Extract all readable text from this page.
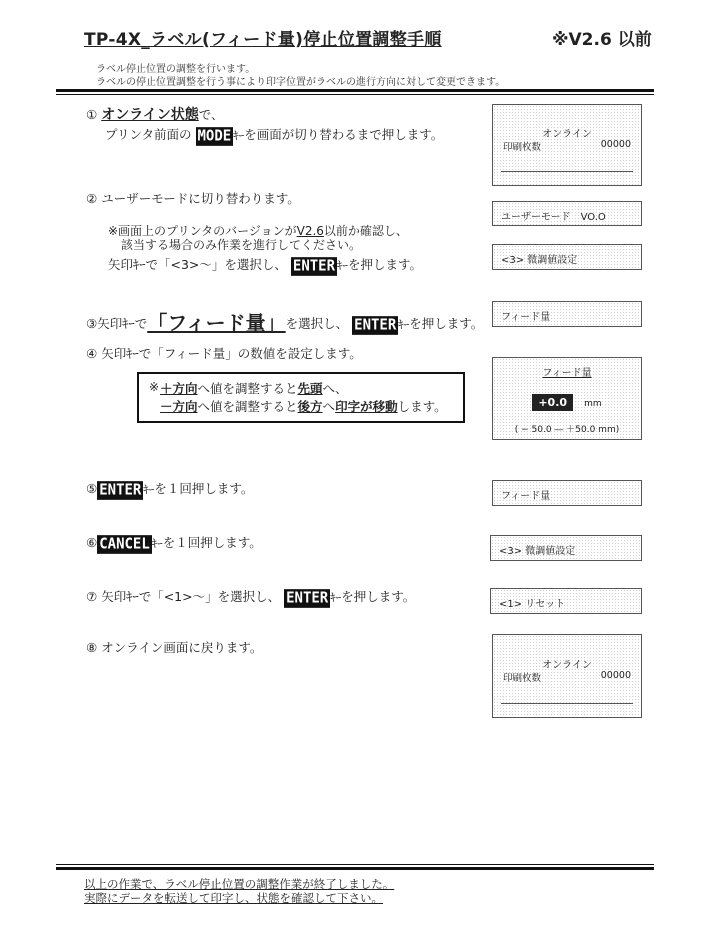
TP-4X_ラベル(フィード量)停止位置調整手順	※V2.6 以前
ラベル停止位置の調整を行います。
ラベルの停止位置調整を行う事により印字位置がラベルの進行方向に対して変更できます。
① オンライン状態で、
プリンタ前面の MODE ｷｰを画面が切り替わるまで押します。	オンライン
印刷枚数	00000
② ユーザーモードに切り替わります。
※画面上のプリンタのバージョンがV2.6以前か確認し、
該当する場合のみ作業を進行してください。
矢印ｷｰで「<3>～」を選択し、 ENTER ｷｰを押します。
ユーザーモード　VO.O
<3> 微調値設定
③矢印ｷｰで「フィード量」を選択し、 ENTER ｷｰを押します。 フィード量
④ 矢印ｷｰで「フィード量」の数値を設定します。
※ ＋方向へ値を調整すると先頭へ、
－方向へ値を調整すると後方へ印字が移動します。
フィード量
+0.0 mm
( − 50.0 ― ＋50.0 mm)
⑤ ENTER ｷｰを１回押します。
フィード量
⑥ CANCEL ｷｰを１回押します。
<3> 微調値設定
⑦ 矢印ｷｰで「<1>～」を選択し、 ENTER ｷｰを押します。
<1> リセット
⑧ オンライン画面に戻ります。
オンライン
印刷枚数	00000
以上の作業で、ラベル停止位置の調整作業が終了しました。
実際にデータを転送して印字し、状態を確認して下さい。
